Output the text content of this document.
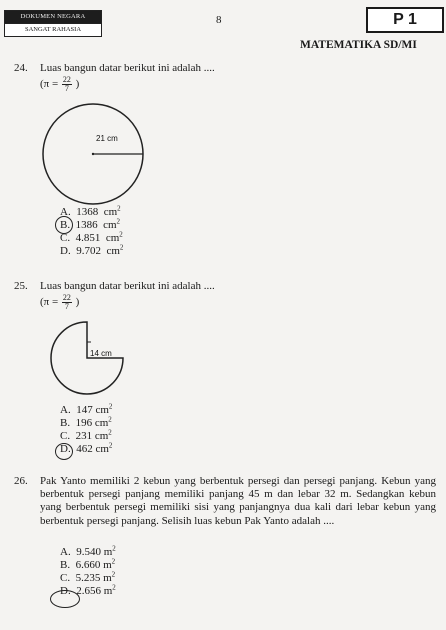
DOKUMEN NEGARA
SANGAT RAHASIA
8	P 1
MATEMATIKA SD/MI
24. Luas bangun datar berikut ini adalah ....
($\pi = \frac{22}{7}$ )
21 cm
A. 1368 $cm^2$
B. 1386 $cm^2$
C. 4.851 $cm^2$
D. 9.702 $cm^2$
25. Luas bangun datar berikut ini adalah ....
($\pi = \frac{22}{7}$ )
14 cm
A. 147 $cm^2$
B. 196 $cm^2$
C. 231 $cm^2$
D. 462 $cm^2$
26. Pak Yanto memiliki 2 kebun yang berbentuk persegi dan persegi panjang. Kebun yang berbentuk persegi panjang memiliki panjang 45 m dan lebar 32 m. Sedangkan kebun yang berbentuk persegi memiliki sisi yang panjangnya dua kali dari lebar kebun yang berbentuk persegi panjang. Selisih luas kebun Pak Yanto adalah ....
A. 9.540 $m^2$
B. 6.660 $m^2$
C. 5.235 $m^2$
D. 2.656 $m^2$
